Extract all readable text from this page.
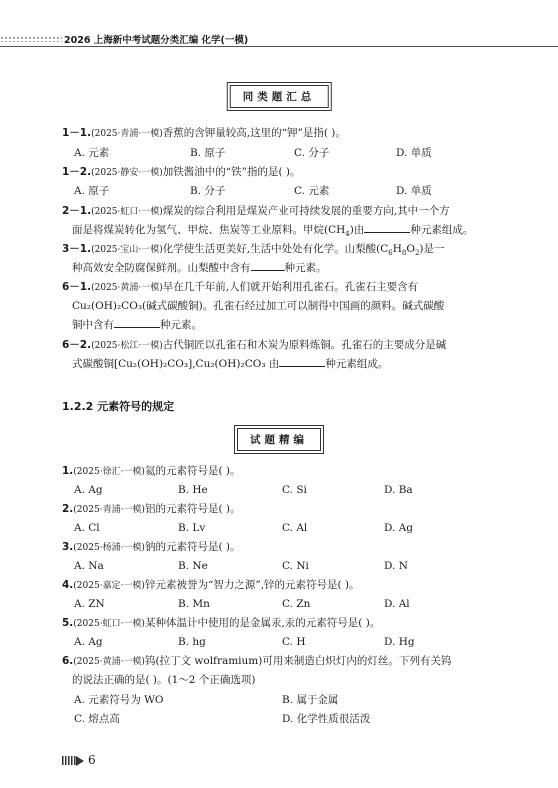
2026 上海新中考试题分类汇编 化学(一模)
同类题汇总
1－1.(2025·青浦·一模)香蕉的含钾量较高,这里的“钾”是指( )。
A. 元素	B. 原子	C. 分子	D. 单质
1－2.(2025·静安·一模)加铁酱油中的“铁”指的是( )。
A. 原子	B. 分子	C. 元素	D. 单质
2－1.(2025·虹口·一模)煤炭的综合利用是煤炭产业可持续发展的重要方向,其中一个方
面是将煤炭转化为氢气、甲烷、焦炭等工业原料。甲烷$(CH_4)$由	种元素组成。
3－1.(2025·宝山·一模)化学使生活更美好,生活中处处有化学。山梨酸$(C_6H_8O_2)$是一
种高效安全防腐保鲜剂。山梨酸中含有	种元素。
6－1.(2025·黄浦·一模)早在几千年前,人们就开始利用孔雀石。孔雀石主要含有
Cu₂(OH)₂CO₃(碱式碳酸铜)。孔雀石经过加工可以制得中国画的颜料。碱式碳酸
铜中含有	种元素。
6－2.(2025·松江·一模)古代铜匠以孔雀石和木炭为原料炼铜。孔雀石的主要成分是碱
式碳酸铜[Cu₂(OH)₂CO₃],Cu₂(OH)₂CO₃ 由	种元素组成。
1.2.2 元素符号的规定
试题精编
1.(2025·徐汇·一模)氦的元素符号是( )。
A. Ag	B. He	C. Si	D. Ba
2.(2025·青浦·一模)铝的元素符号是( )。
A. Cl	B. Lv	C. Al	D. Ag
3.(2025·杨浦·一模)钠的元素符号是( )。
A. Na	B. Ne	C. Ni	D. N
4.(2025·嘉定·一模)锌元素被誉为“智力之源”,锌的元素符号是( )。
A. ZN	B. Mn	C. Zn	D. Al
5.(2025·虹口·一模)某种体温计中使用的是金属汞,汞的元素符号是( )。
A. Ag	B. hg	C. H	D. Hg
6.(2025·黄浦·一模)钨(拉丁文 wolframium)可用来制造白炽灯内的灯丝。下列有关钨
的说法正确的是( )。(1～2 个正确选项)
A. 元素符号为 WO	B. 属于金属
C. 熔点高	D. 化学性质很活泼
6
